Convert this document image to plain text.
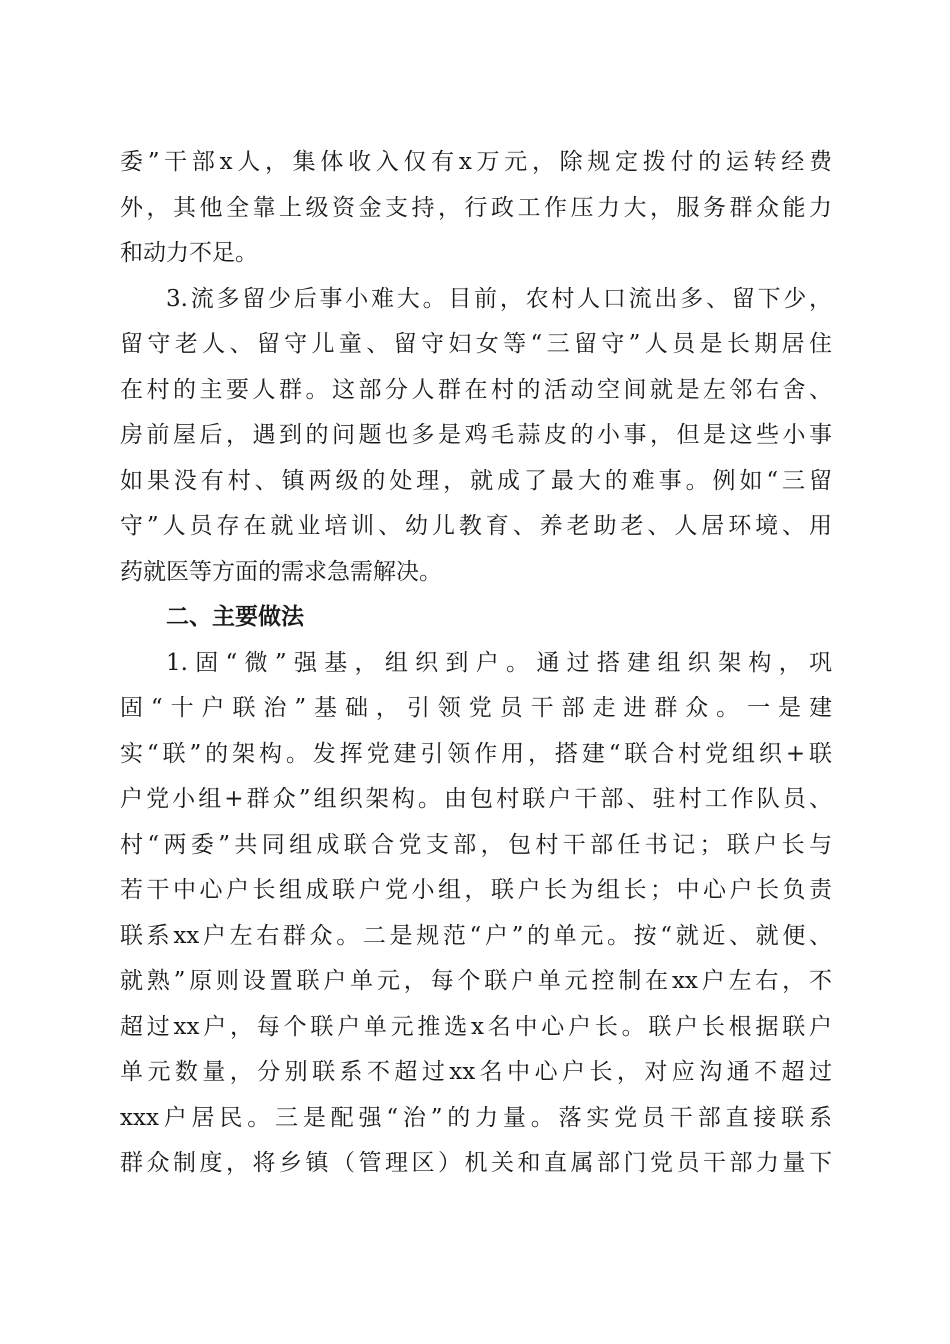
委”干部x人，集体收入仅有x万元，除规定拨付的运转经费
外，其他全靠上级资金支持，行政工作压力大，服务群众能力
和动力不足。
3.流多留少后事小难大。目前，农村人口流出多、留下少，
留守老人、留守儿童、留守妇女等“三留守”人员是长期居住
在村的主要人群。这部分人群在村的活动空间就是左邻右舍、
房前屋后，遇到的问题也多是鸡毛蒜皮的小事，但是这些小事
如果没有村、镇两级的处理，就成了最大的难事。例如“三留
守”人员存在就业培训、幼儿教育、养老助老、人居环境、用
药就医等方面的需求急需解决。
二、主要做法
1.固“微”强基，组织到户。通过搭建组织架构，巩
固“十户联治”基础，引领党员干部走进群众。一是建
实“联”的架构。发挥党建引领作用，搭建“联合村党组织+联
户党小组+群众”组织架构。由包村联户干部、驻村工作队员、
村“两委”共同组成联合党支部，包村干部任书记；联户长与
若干中心户长组成联户党小组，联户长为组长；中心户长负责
联系xx户左右群众。二是规范“户”的单元。按“就近、就便、
就熟”原则设置联户单元，每个联户单元控制在xx户左右，不
超过xx户，每个联户单元推选x名中心户长。联户长根据联户
单元数量，分别联系不超过xx名中心户长，对应沟通不超过
xxx户居民。三是配强“治”的力量。落实党员干部直接联系
群众制度，将乡镇（管理区）机关和直属部门党员干部力量下
